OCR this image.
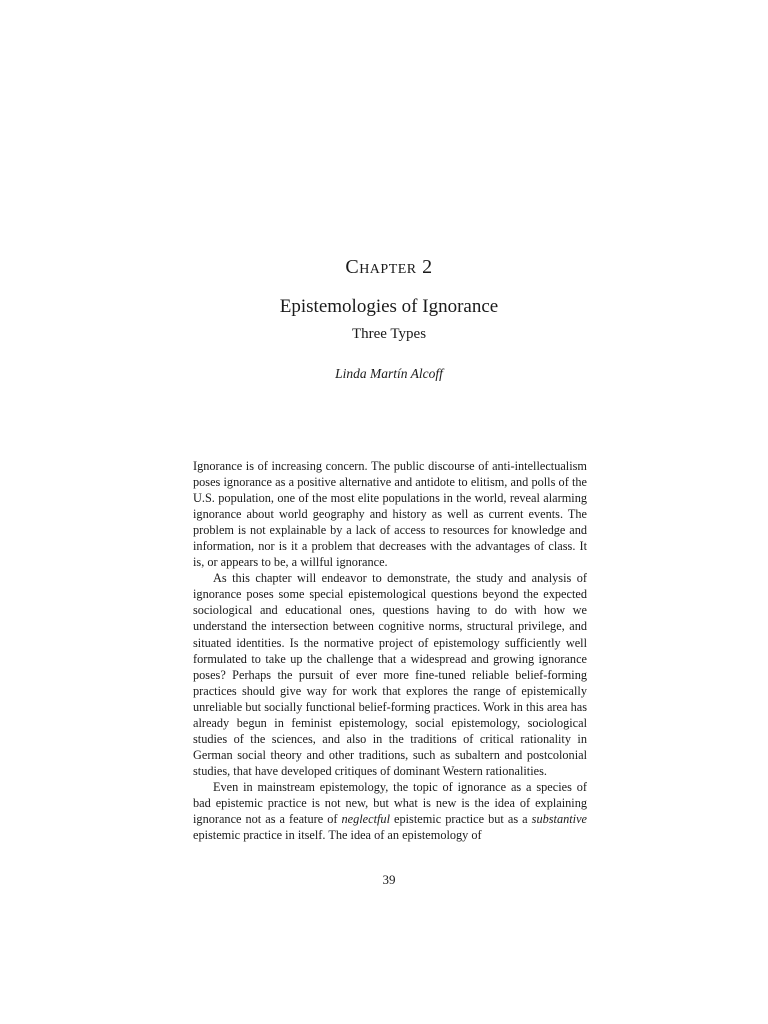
Chapter 2
Epistemologies of Ignorance
Three Types
Linda Martín Alcoff

Ignorance is of increasing concern. The public discourse of anti-intellectualism poses ignorance as a positive alternative and antidote to elitism, and polls of the U.S. population, one of the most elite populations in the world, reveal alarming ignorance about world geography and history as well as current events. The problem is not explainable by a lack of access to resources for knowledge and information, nor is it a problem that decreases with the advantages of class. It is, or appears to be, a willful ignorance.

As this chapter will endeavor to demonstrate, the study and analysis of ignorance poses some special epistemological questions beyond the expected sociological and educational ones, questions having to do with how we understand the intersection between cognitive norms, structural privilege, and situated identities. Is the normative project of epistemology sufficiently well formulated to take up the challenge that a widespread and growing ignorance poses? Perhaps the pursuit of ever more fine-tuned reliable belief-forming practices should give way for work that explores the range of epistemically unreliable but socially functional belief-forming practices. Work in this area has already begun in feminist epistemology, social epistemology, sociological studies of the sciences, and also in the traditions of critical rationality in German social theory and other traditions, such as subaltern and postcolonial studies, that have developed critiques of dominant Western rationalities.

Even in mainstream epistemology, the topic of ignorance as a species of bad epistemic practice is not new, but what is new is the idea of explaining ignorance not as a feature of neglectful epistemic practice but as a substantive epistemic practice in itself. The idea of an epistemology of

39
